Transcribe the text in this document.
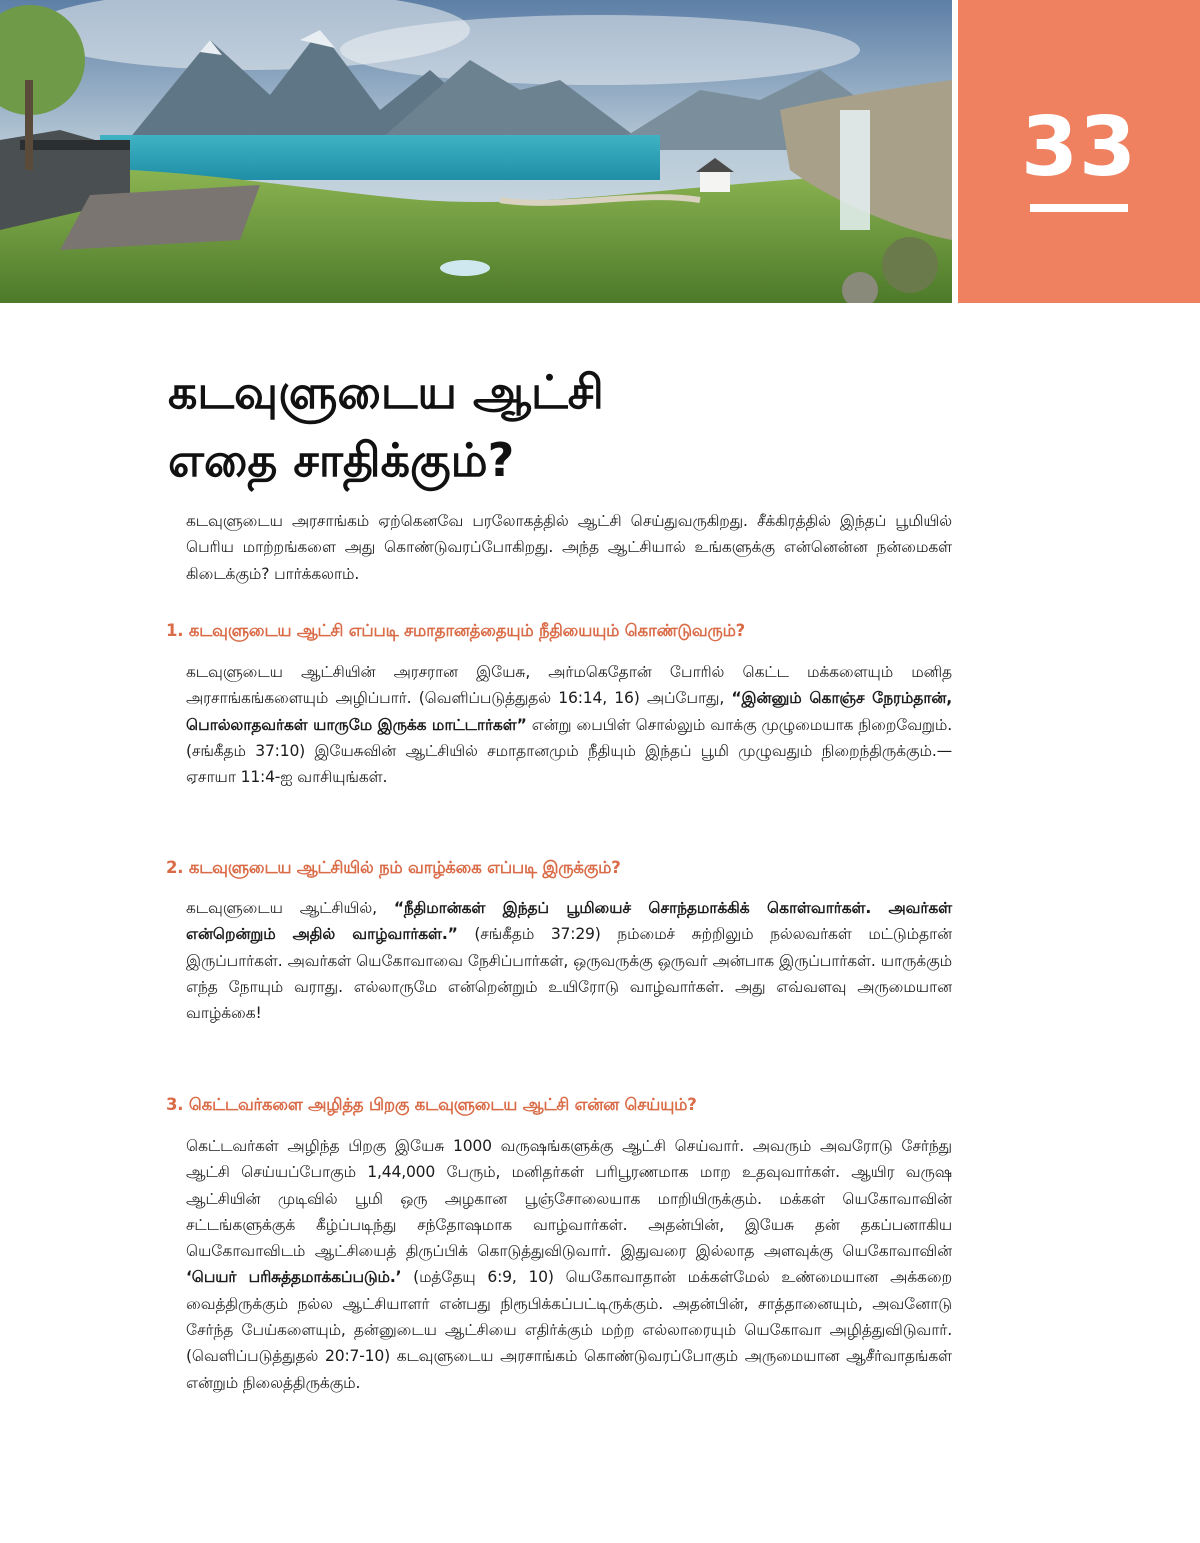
33
கடவுளுடைய ஆட்சி
எதை சாதிக்கும்?

கடவுளுடைய அரசாங்கம் ஏற்கெனவே பரலோகத்தில் ஆட்சி செய்துவருகிறது. சீக்கிரத்தில் இந்தப் பூமியில் பெரிய மாற்றங்களை அது கொண்டுவரப்போகிறது. அந்த ஆட்சியால் உங்களுக்கு என்னென்ன நன்மைகள் கிடைக்கும்? பார்க்கலாம்.

1. கடவுளுடைய ஆட்சி எப்படி சமாதானத்தையும் நீதியையும் கொண்டுவரும்?

கடவுளுடைய ஆட்சியின் அரசரான இயேசு, அர்மகெதோன் போரில் கெட்ட மக்களையும் மனித அரசாங்கங்களையும் அழிப்பார். (வெளிப்படுத்துதல் 16:14, 16) அப்போது, “இன்னும் கொஞ்ச நேரம்தான், பொல்லாதவர்கள் யாருமே இருக்க மாட்டார்கள்” என்று பைபிள் சொல்லும் வாக்கு முழுமையாக நிறைவேறும். (சங்கீதம் 37:10) இயேசுவின் ஆட்சியில் சமாதானமும் நீதியும் இந்தப் பூமி முழுவதும் நிறைந்திருக்கும்.—ஏசாயா 11:4-ஐ வாசியுங்கள்.

2. கடவுளுடைய ஆட்சியில் நம் வாழ்க்கை எப்படி இருக்கும்?

கடவுளுடைய ஆட்சியில், “நீதிமான்கள் இந்தப் பூமியைச் சொந்தமாக்கிக் கொள்வார்கள். அவர்கள் என்றென்றும் அதில் வாழ்வார்கள்.” (சங்கீதம் 37:29) நம்மைச் சுற்றிலும் நல்லவர்கள் மட்டும்தான் இருப்பார்கள். அவர்கள் யெகோவாவை நேசிப்பார்கள், ஒருவருக்கு ஒருவர் அன்பாக இருப்பார்கள். யாருக்கும் எந்த நோயும் வராது. எல்லாருமே என்றென்றும் உயிரோடு வாழ்வார்கள். அது எவ்வளவு அருமையான வாழ்க்கை!

3. கெட்டவர்களை அழித்த பிறகு கடவுளுடைய ஆட்சி என்ன செய்யும்?

கெட்டவர்கள் அழிந்த பிறகு இயேசு 1000 வருஷங்களுக்கு ஆட்சி செய்வார். அவரும் அவரோடு சேர்ந்து ஆட்சி செய்யப்போகும் 1,44,000 பேரும், மனிதர்கள் பரிபூரணமாக மாற உதவுவார்கள். ஆயிர வருஷ ஆட்சியின் முடிவில் பூமி ஒரு அழகான பூஞ்சோலையாக மாறியிருக்கும். மக்கள் யெகோவாவின் சட்டங்களுக்குக் கீழ்ப்படிந்து சந்தோஷமாக வாழ்வார்கள். அதன்பின், இயேசு தன் தகப்பனாகிய யெகோவாவிடம் ஆட்சியைத் திருப்பிக் கொடுத்துவிடுவார். இதுவரை இல்லாத அளவுக்கு யெகோவாவின் ‘பெயர் பரிசுத்தமாக்கப்படும்.’ (மத்தேயு 6:9, 10) யெகோவாதான் மக்கள்மேல் உண்மையான அக்கறை வைத்திருக்கும் நல்ல ஆட்சியாளர் என்பது நிரூபிக்கப்பட்டிருக்கும். அதன்பின், சாத்தானையும், அவனோடு சேர்ந்த பேய்களையும், தன்னுடைய ஆட்சியை எதிர்க்கும் மற்ற எல்லாரையும் யெகோவா அழித்துவிடுவார். (வெளிப்படுத்துதல் 20:7-10) கடவுளுடைய அரசாங்கம் கொண்டுவரப்போகும் அருமையான ஆசீர்வாதங்கள் என்றும் நிலைத்திருக்கும்.
